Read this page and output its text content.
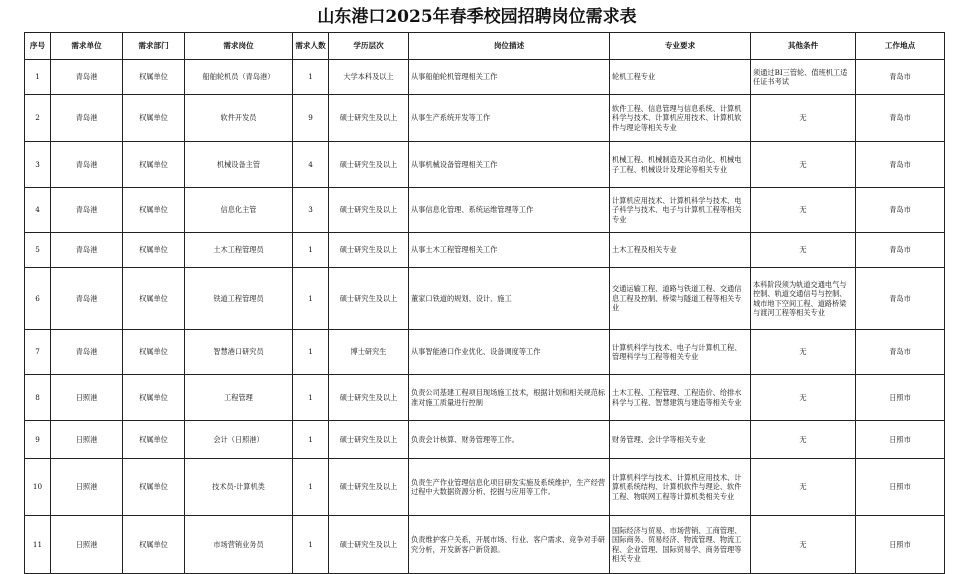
山东港口2025年春季校园招聘岗位需求表
序号	需求单位	需求部门	需求岗位	需求人数	学历层次	岗位描述	专业要求	其他条件	工作地点
1	青岛港	权属单位	船舶轮机员（青岛港）	1	大学本科及以上	从事船舶轮机管理相关工作	轮机工程专业	须通过BI三管轮、值班机工适任证书考试	青岛市
2	青岛港	权属单位	软件开发员	9	硕士研究生及以上	从事生产系统开发等工作	软件工程、信息管理与信息系统、计算机科学与技术、计算机应用技术、计算机软件与理论等相关专业	无	青岛市
3	青岛港	权属单位	机械设备主管	4	硕士研究生及以上	从事机械设备管理相关工作	机械工程、机械制造及其自动化、机械电子工程、机械设计及理论等相关专业	无	青岛市
4	青岛港	权属单位	信息化主管	3	硕士研究生及以上	从事信息化管理、系统运维管理等工作	计算机应用技术、计算机科学与技术、电子科学与技术、电子与计算机工程等相关专业	无	青岛市
5	青岛港	权属单位	土木工程管理员	1	硕士研究生及以上	从事土木工程管理相关工作	土木工程及相关专业	无	青岛市
6	青岛港	权属单位	铁道工程管理员	1	硕士研究生及以上	董家口铁道的规划、设计、施工	交通运输工程、道路与铁道工程、交通信息工程及控制、桥梁与隧道工程等相关专业	本科阶段须为轨道交通电气与控制、轨道交通信号与控制、城市地下空间工程、道路桥梁与渡河工程等相关专业	青岛市
7	青岛港	权属单位	智慧港口研究员	1	博士研究生	从事智能港口作业优化、设备调度等工作	计算机科学与技术、电子与计算机工程、管理科学与工程等相关专业	无	青岛市
8	日照港	权属单位	工程管理	1	硕士研究生及以上	负责公司基建工程项目现场施工技术，根据计划和相关规范标准对施工质量进行控制	土木工程、工程管理、工程造价、给排水科学与工程、智慧建筑与建造等相关专业	无	日照市
9	日照港	权属单位	会计（日照港）	1	硕士研究生及以上	负责会计核算、财务管理等工作。	财务管理、会计学等相关专业	无	日照市
10	日照港	权属单位	技术员-计算机类	1	硕士研究生及以上	负责生产作业管理信息化项目研发实施及系统维护，生产经营过程中大数据资源分析、挖掘与应用等工作。	计算机科学与技术、计算机应用技术、计算机系统结构、计算机软件与理论、软件工程、物联网工程等计算机类相关专业	无	日照市
11	日照港	权属单位	市场营销业务员	1	硕士研究生及以上	负责维护客户关系，开展市场、行业、客户需求、竞争对手研究分析，开发新客户新货源。	国际经济与贸易、市场营销、工商管理、国际商务、贸易经济、物流管理、物流工程、企业管理、国际贸易学、商务管理等相关专业	无	日照市
